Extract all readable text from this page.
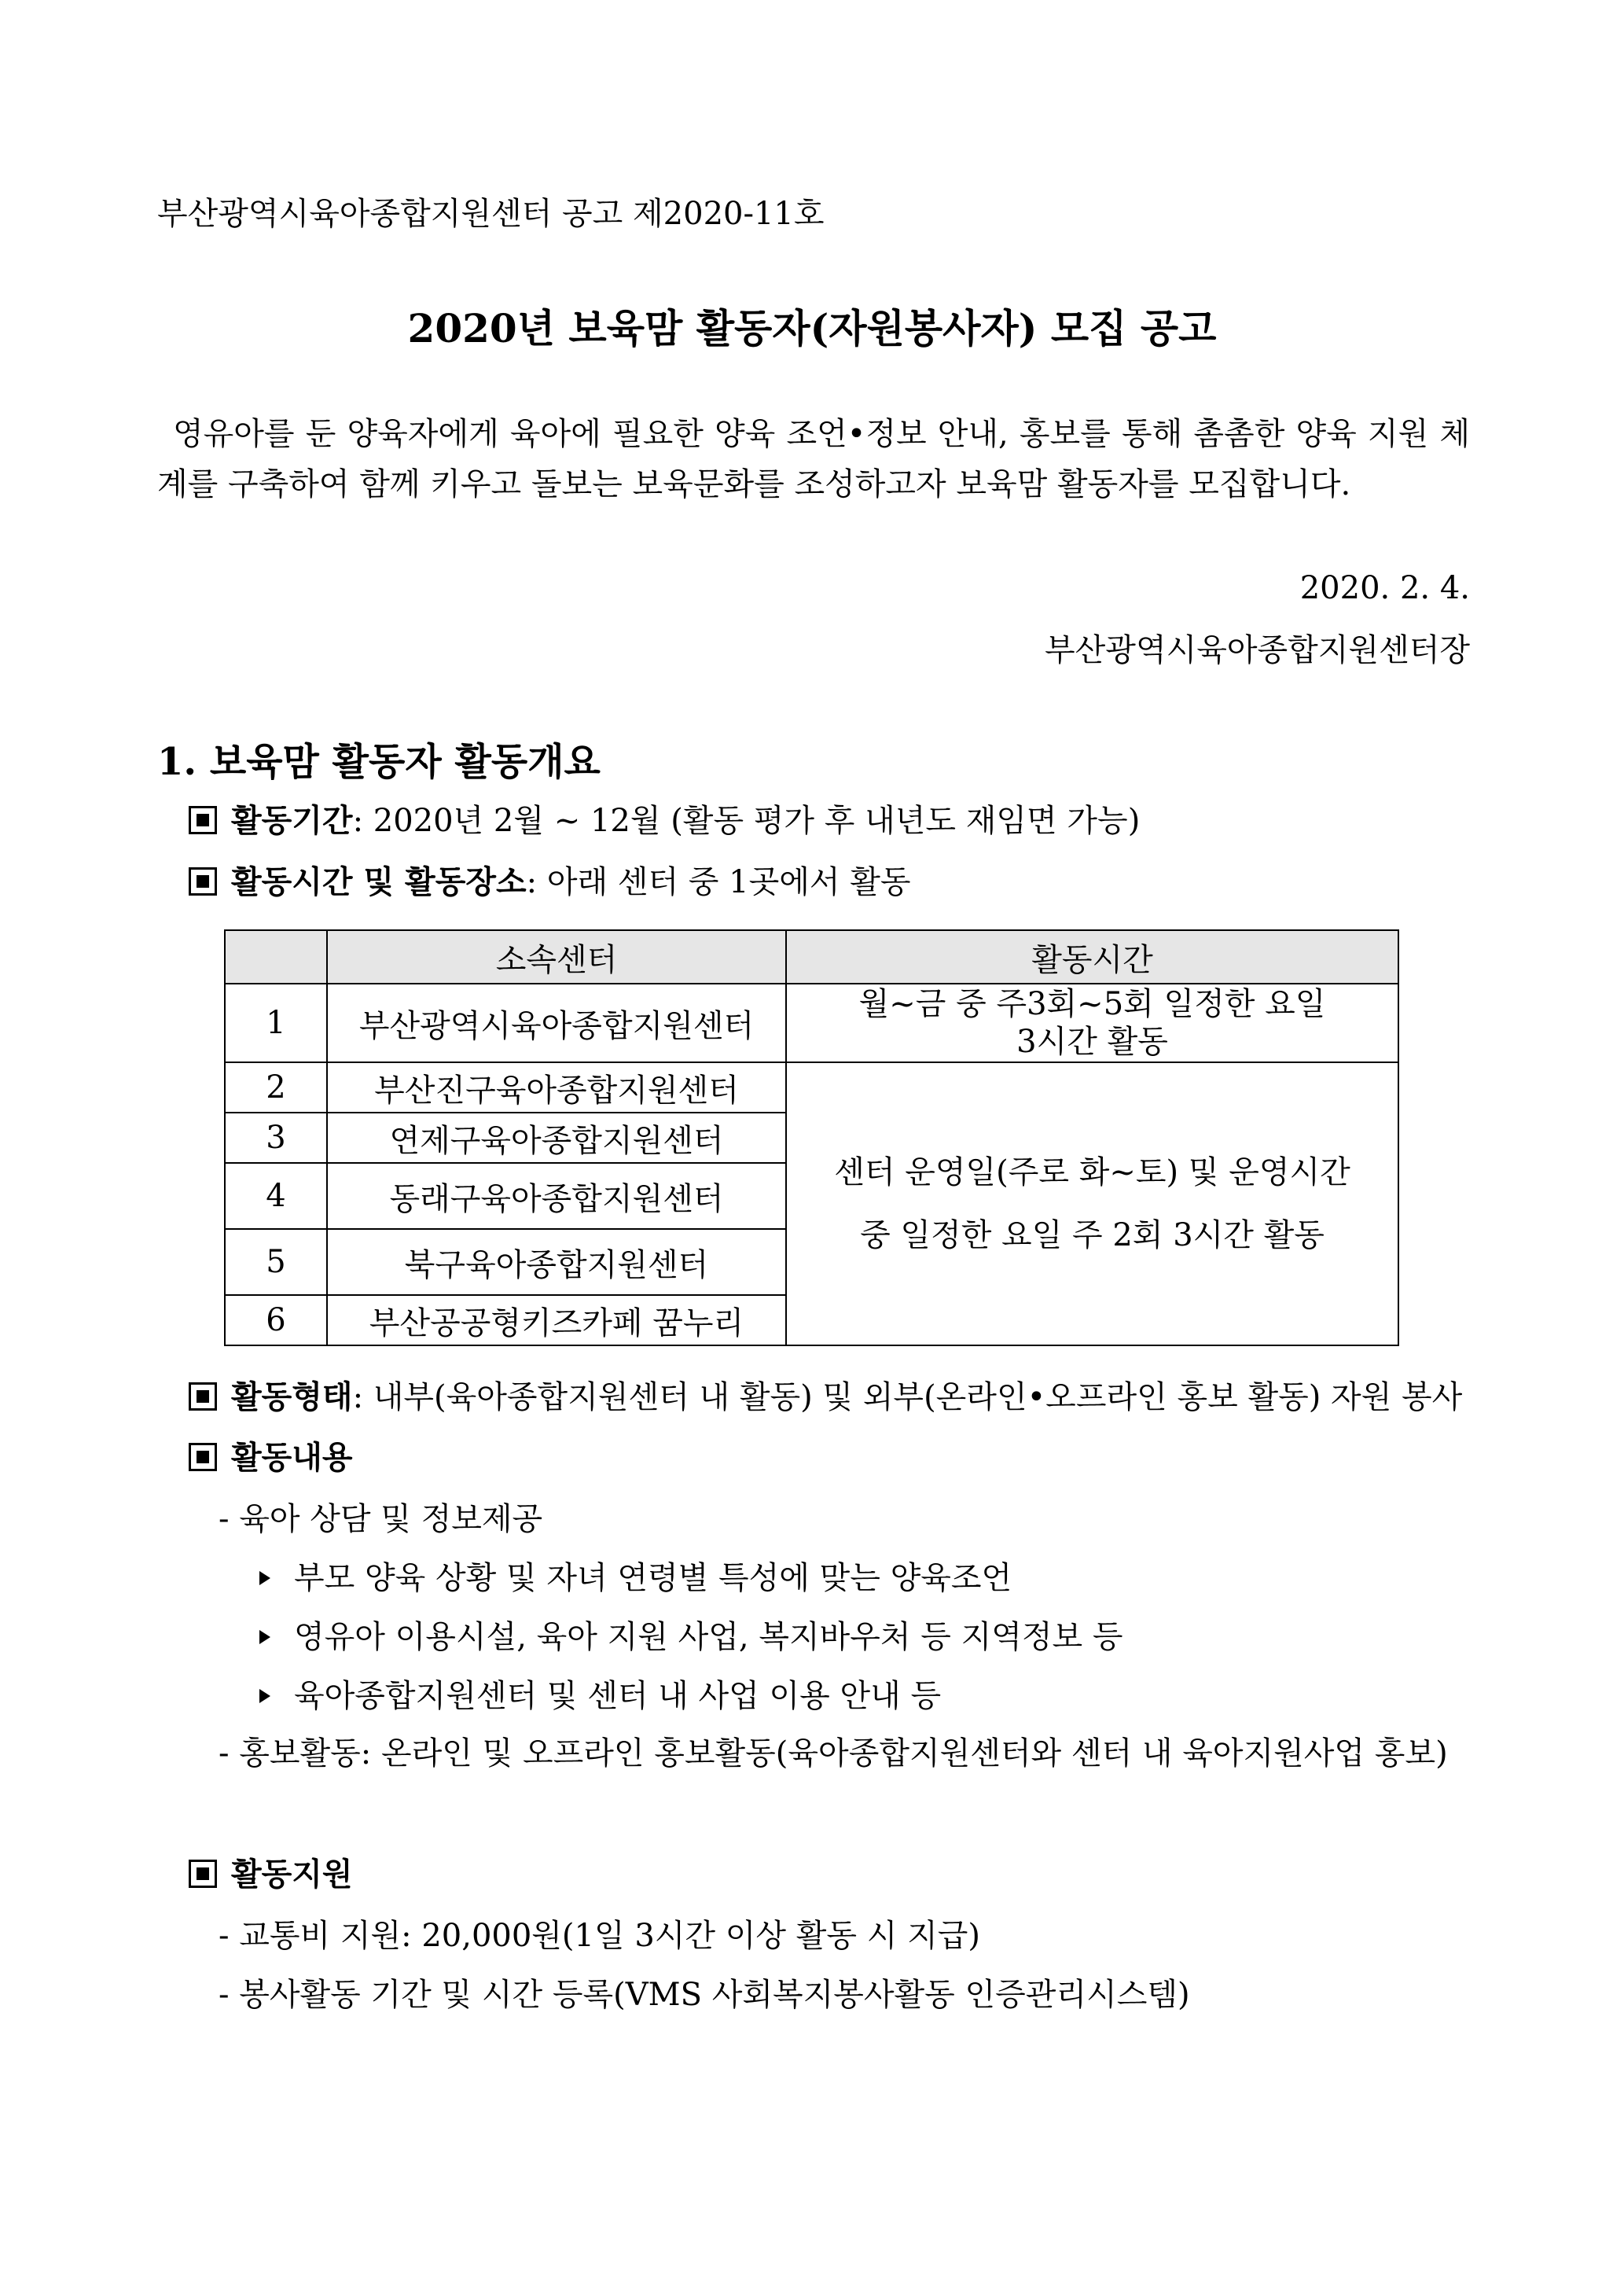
부산광역시육아종합지원센터 공고 제2020-11호
2020년 보육맘 활동자(자원봉사자) 모집 공고
영유아를 둔 양육자에게 육아에 필요한 양육 조언•정보 안내, 홍보를 통해 촘촘한 양육 지원 체계를 구축하여 함께 키우고 돌보는 보육문화를 조성하고자 보육맘 활동자를 모집합니다.
2020. 2. 4.
부산광역시육아종합지원센터장
1. 보육맘 활동자 활동개요
활동기간: 2020년 2월 ~ 12월 (활동 평가 후 내년도 재임면 가능)
활동시간 및 활동장소: 아래 센터 중 1곳에서 활동
	소속센터	활동시간
1	부산광역시육아종합지원센터	월~금 중 주3회~5회 일정한 요일
3시간 활동

2	부산진구육아종합지원센터	센터 운영일(주로 화~토) 및 운영시간
중 일정한 요일 주 2회 3시간 활동

3	연제구육아종합지원센터	
4	동래구육아종합지원센터	
5	북구육아종합지원센터	
6	부산공공형키즈카페 꿈누리	
활동형태: 내부(육아종합지원센터 내 활동) 및 외부(온라인•오프라인 홍보 활동) 자원 봉사
활동내용
- 육아 상담 및 정보제공
부모 양육 상황 및 자녀 연령별 특성에 맞는 양육조언
영유아 이용시설, 육아 지원 사업, 복지바우처 등 지역정보 등
육아종합지원센터 및 센터 내 사업 이용 안내 등
- 홍보활동: 온라인 및 오프라인 홍보활동(육아종합지원센터와 센터 내 육아지원사업 홍보)
활동지원
- 교통비 지원: 20,000원(1일 3시간 이상 활동 시 지급)
- 봉사활동 기간 및 시간 등록(VMS 사회복지봉사활동 인증관리시스템)
